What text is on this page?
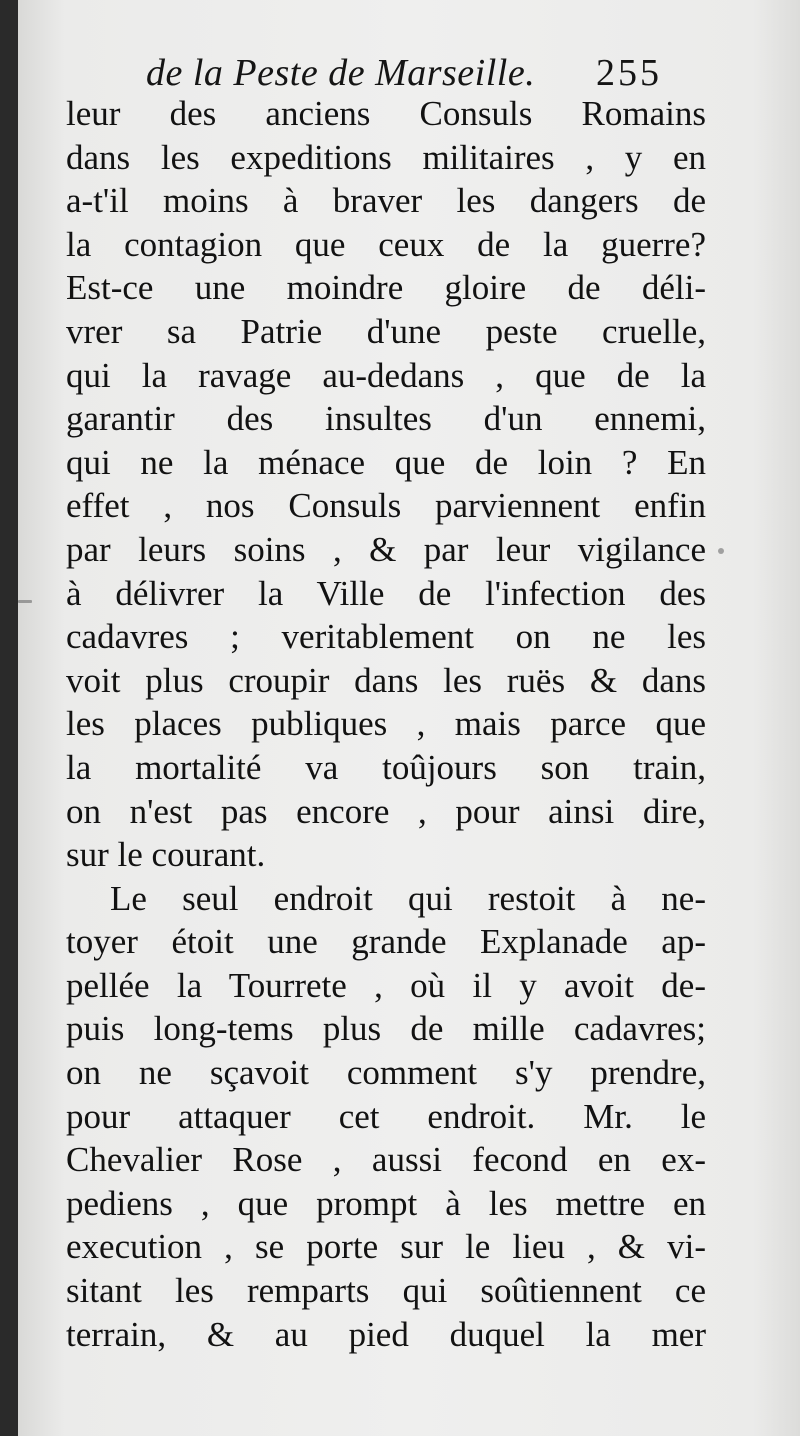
de la Peste de Marseille. 255
leur des anciens Consuls Romains
dans les expeditions militaires , y en
a-t'il moins à braver les dangers de
la contagion que ceux de la guerre?
Est-ce une moindre gloire de déli-
vrer sa Patrie d'une peste cruelle,
qui la ravage au-dedans , que de la
garantir des insultes d'un ennemi,
qui ne la ménace que de loin ? En
effet , nos Consuls parviennent enfin
par leurs soins , & par leur vigilance
à délivrer la Ville de l'infection des
cadavres ; veritablement on ne les
voit plus croupir dans les ruës & dans
les places publiques , mais parce que
la mortalité va toûjours son train,
on n'est pas encore , pour ainsi dire,
sur le courant.
Le seul endroit qui restoit à ne-
toyer étoit une grande Explanade ap-
pellée la Tourrete , où il y avoit de-
puis long-tems plus de mille cadavres;
on ne sçavoit comment s'y prendre,
pour attaquer cet endroit. Mr. le
Chevalier Rose , aussi fecond en ex-
pediens , que prompt à les mettre en
execution , se porte sur le lieu , & vi-
sitant les remparts qui soûtiennent ce
terrain, & au pied duquel la mer
